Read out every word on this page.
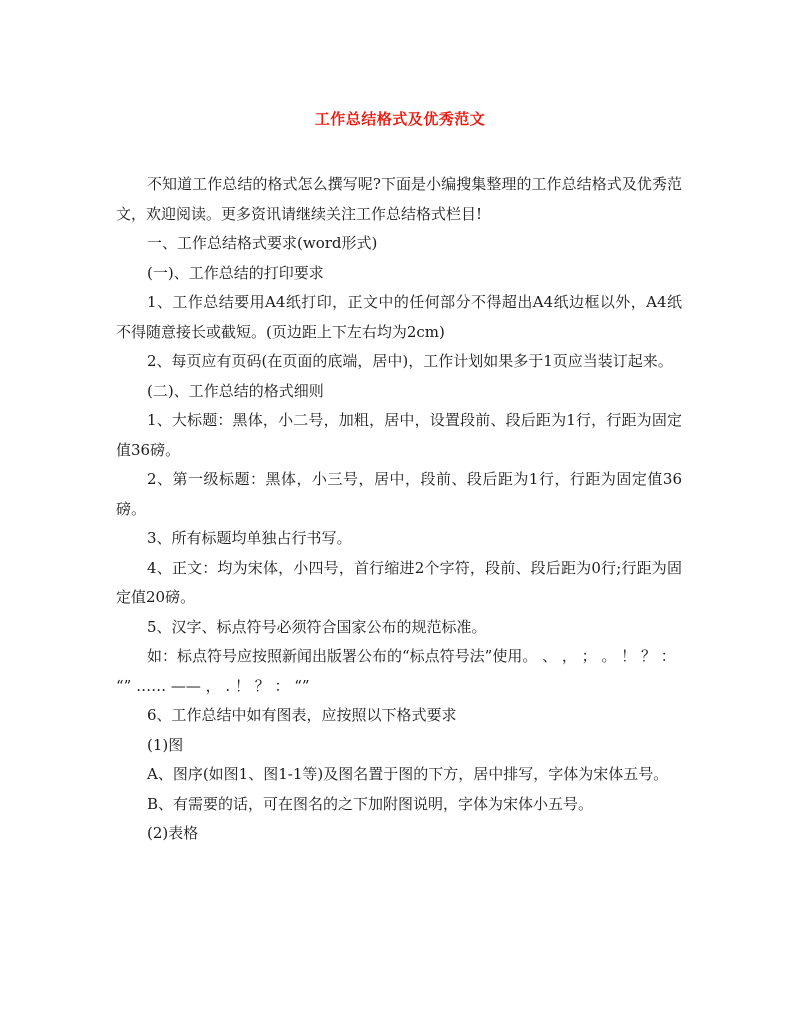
工作总结格式及优秀范文

不知道工作总结的格式怎么撰写呢?下面是小编搜集整理的工作总结格式及优秀范文，欢迎阅读。更多资讯请继续关注工作总结格式栏目!

一、工作总结格式要求(word形式)

(一)、工作总结的打印要求

1、工作总结要用A4纸打印，正文中的任何部分不得超出A4纸边框以外，A4纸不得随意接长或截短。(页边距上下左右均为2cm)

2、每页应有页码(在页面的底端，居中)，工作计划如果多于1页应当装订起来。

(二)、工作总结的格式细则

1、大标题：黑体，小二号，加粗，居中，设置段前、段后距为1行，行距为固定值36磅。

2、第一级标题：黑体，小三号，居中，段前、段后距为1行，行距为固定值36磅。

3、所有标题均单独占行书写。

4、正文：均为宋体，小四号，首行缩进2个字符，段前、段后距为0行;行距为固定值20磅。

5、汉字、标点符号必须符合国家公布的规范标准。

如：标点符号应按照新闻出版署公布的“标点符号法”使用。 、 ， ； 。 ！ ？ ： “” …… —— ， . ！ ？ ： “”

6、工作总结中如有图表，应按照以下格式要求

(1)图

A、图序(如图1、图1-1等)及图名置于图的下方，居中排写，字体为宋体五号。

B、有需要的话，可在图名的之下加附图说明，字体为宋体小五号。

(2)表格
